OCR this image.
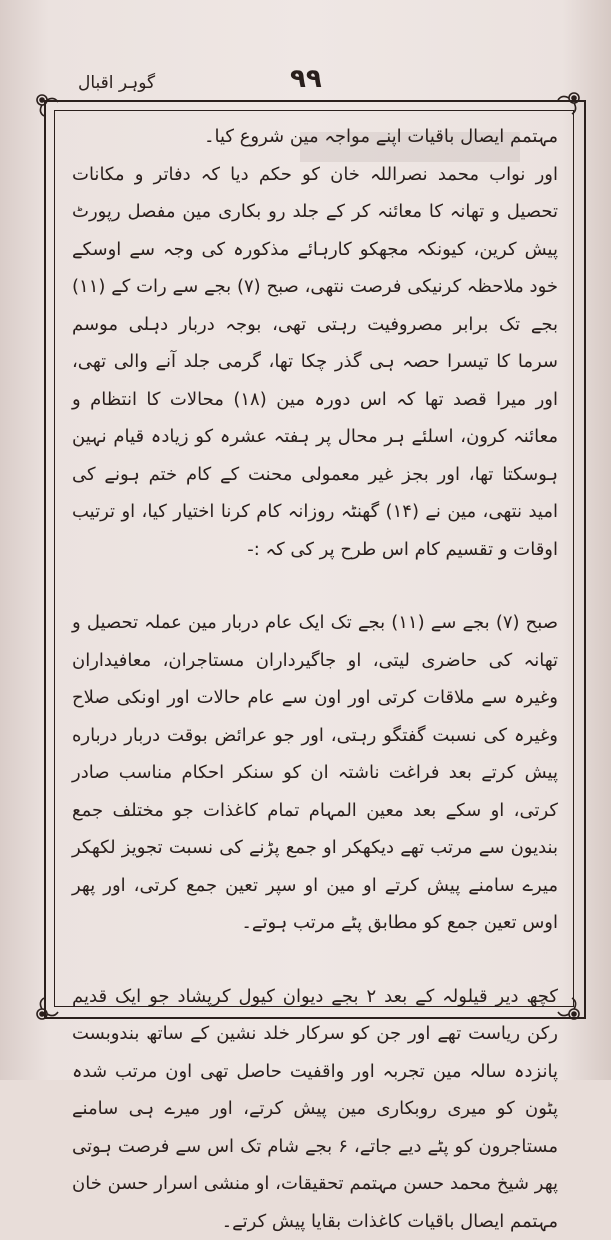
۹۹
گوہر اقبال

مہتمم ایصال باقیات اپنے مواجہ مین شروع کیا۔

اور نواب محمد نصراللہ خان کو حکم دیا کہ دفاتر و مکانات تحصیل و تھانہ کا معائنہ کر کے جلد رو بکاری مین مفصل رپورٹ پیش کرین، کیونکہ مجھکو کارہائے مذکورہ کی وجہ سے اوسکے خود ملاحظہ کرنیکی فرصت نتھی، صبح (۷) بجے سے رات کے (۱۱) بجے تک برابر مصروفیت رہتی تھی، بوجہ دربار دہلی موسم سرما کا تیسرا حصہ ہی گذر چکا تھا، گرمی جلد آنے والی تھی، اور میرا قصد تھا کہ اس دورہ مین (۱۸) محالات کا انتظام و معائنہ کرون، اسلئے ہر محال پر ہفتہ عشرہ کو زیادہ قیام نہین ہوسکتا تھا، اور بجز غیر معمولی محنت کے کام ختم ہونے کی امید نتھی، مین نے (۱۴) گھنٹہ روزانہ کام کرنا اختیار کیا، او ترتیب اوقات و تقسیم کام اس طرح پر کی کہ :-

صبح (۷) بجے سے (۱۱) بجے تک ایک عام دربار مین عملہ تحصیل و تھانہ کی حاضری لیتی، او جاگیرداران مستاجران، معافیداران وغیرہ سے ملاقات کرتی اور اون سے عام حالات اور اونکی صلاح وغیرہ کی نسبت گفتگو رہتی، اور جو عرائض بوقت دربار درباره پیش کرتے بعد فراغت ناشتہ ان کو سنکر احکام مناسب صادر کرتی، او سکے بعد معین المہام تمام کاغذات جو مختلف جمع بندیون سے مرتب تھے دیکھکر او جمع پڑنے کی نسبت تجویز لکھکر میرے سامنے پیش کرتے او مین او سپر تعین جمع کرتی، اور پھر اوس تعین جمع کو مطابق پٹے مرتب ہوتے۔

کچھ دیر قیلولہ کے بعد ۲ بجے دیوان کیول کرپشاد جو ایک قدیم رکن ریاست تھے اور جن کو سرکار خلد نشین کے ساتھ بندوبست پانزدہ سالہ مین تجربہ اور واقفیت حاصل تھی اون مرتب شدہ پٹون کو میری روبکاری مین پیش کرتے، اور میرے ہی سامنے مستاجرون کو پٹے دیے جاتے، ۶ بجے شام تک اس سے فرصت ہوتی پھر شیخ محمد حسن مہتمم تحقیقات، او منشی اسرار حسن خان مہتمم ایصال باقیات کاغذات بقایا پیش کرتے۔
